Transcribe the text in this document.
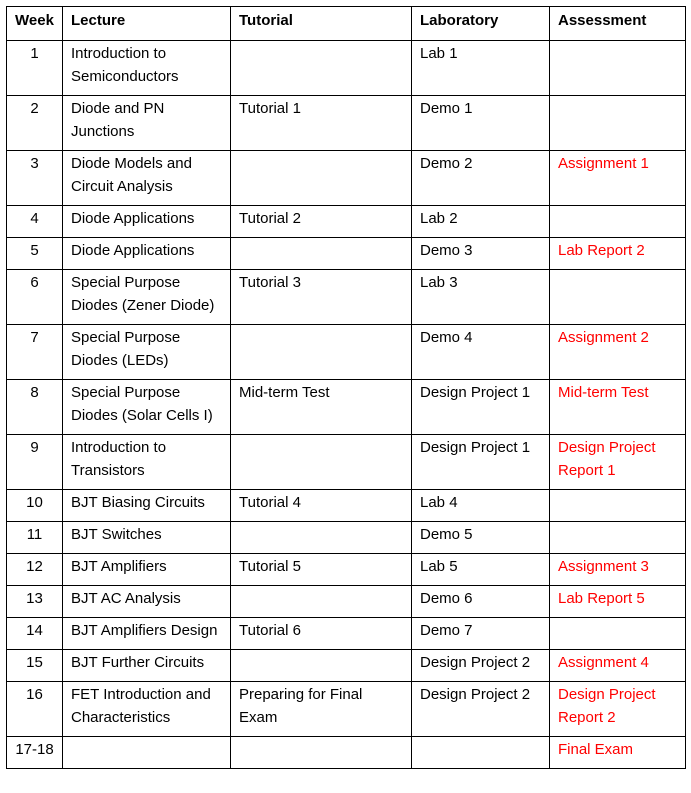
Week	Lecture	Tutorial	Laboratory	Assessment
1	Introduction to Semiconductors		Lab 1	
2	Diode and PN Junctions	Tutorial 1	Demo 1	
3	Diode Models and Circuit Analysis		Demo 2	Assignment 1
4	Diode Applications	Tutorial 2	Lab 2	
5	Diode Applications		Demo 3	Lab Report 2
6	Special Purpose Diodes (Zener Diode)	Tutorial 3	Lab 3	
7	Special Purpose Diodes (LEDs)		Demo 4	Assignment 2
8	Special Purpose Diodes (Solar Cells I)	Mid-term Test	Design Project 1	Mid-term Test
9	Introduction to Transistors		Design Project 1	Design Project Report 1
10	BJT Biasing Circuits	Tutorial 4	Lab 4	
11	BJT Switches		Demo 5	
12	BJT Amplifiers	Tutorial 5	Lab 5	Assignment 3
13	BJT AC Analysis		Demo 6	Lab Report 5
14	BJT Amplifiers Design	Tutorial 6	Demo 7	
15	BJT Further Circuits		Design Project 2	Assignment 4
16	FET Introduction and Characteristics	Preparing for Final Exam	Design Project 2	Design Project Report 2
17-18				Final Exam
